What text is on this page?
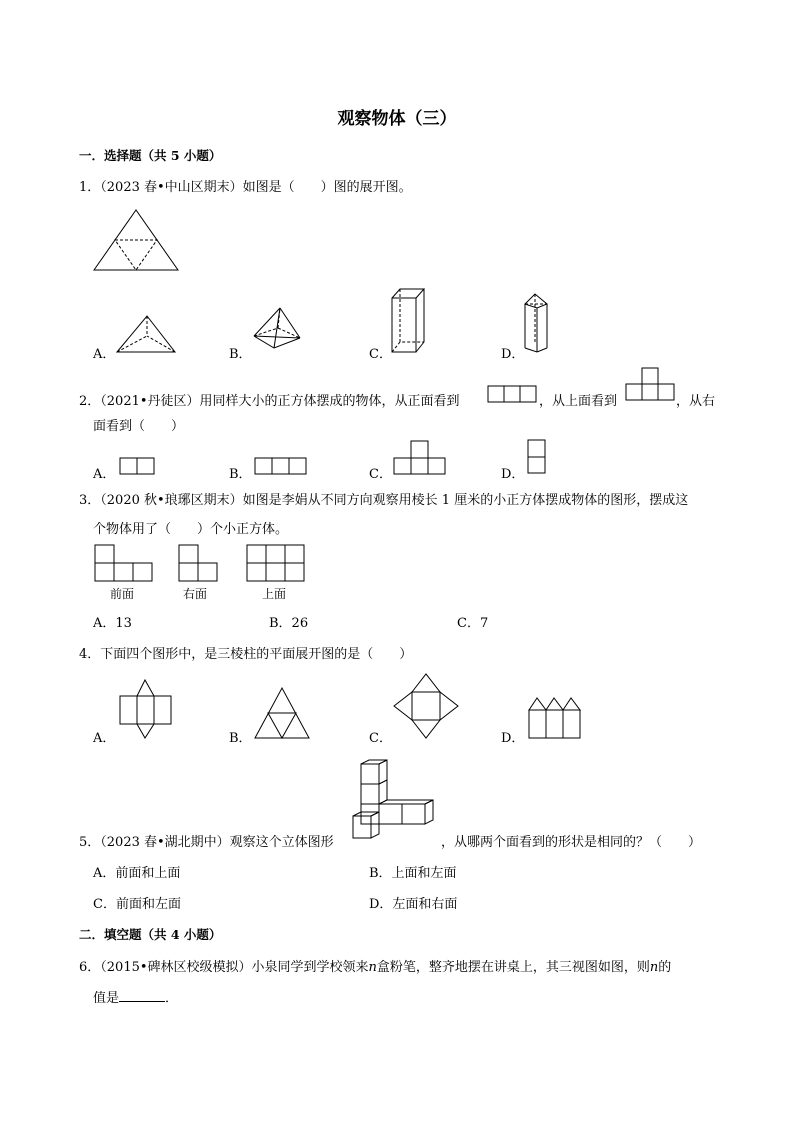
观察物体（三）
一．选择题（共 5 小题）
1．（2023 春•中山区期末）如图是（　　）图的展开图。
A．	B．	C．	D．
2．（2021•丹徒区）用同样大小的正方体摆成的物体，从正面看到	，从上面看到	，从右
面看到（　　）
A．	B．	C．	D．
3．（2020 秋•琅琊区期末）如图是李娟从不同方向观察用棱长 1 厘米的小正方体摆成物体的图形，摆成这
个物体用了（　　）个小正方体。
前面	右面	上面
A．13	B．26	C．7
4．下面四个图形中，是三棱柱的平面展开图的是（　　）
A．	B．	C．	D．
5．（2023 春•湖北期中）观察这个立体图形	，从哪两个面看到的形状是相同的？（　　）
A．前面和上面	B．上面和左面
C．前面和左面	D．左面和右面
二．填空题（共 4 小题）
6．（2015•碑林区校级模拟）小泉同学到学校领来n盒粉笔，整齐地摆在讲桌上，其三视图如图，则n的
值是	．
